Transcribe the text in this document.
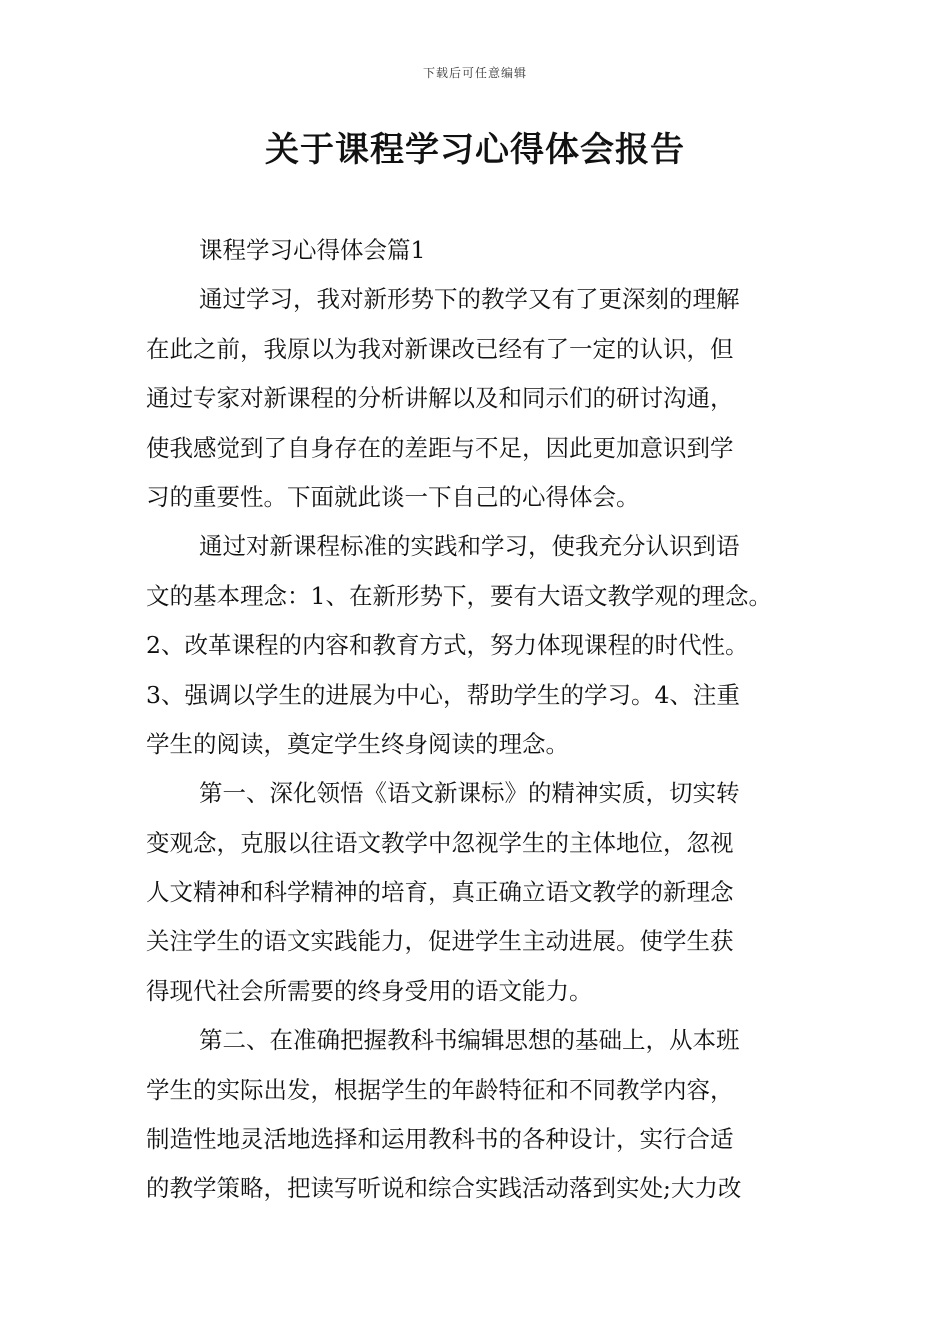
下载后可任意编辑
关于课程学习心得体会报告

课程学习心得体会篇1

通过学习，我对新形势下的教学又有了更深刻的理解
在此之前，我原以为我对新课改已经有了一定的认识，但
通过专家对新课程的分析讲解以及和同示们的研讨沟通，
使我感觉到了自身存在的差距与不足，因此更加意识到学
习的重要性。下面就此谈一下自己的心得体会。

通过对新课程标准的实践和学习，使我充分认识到语
文的基本理念：1、在新形势下，要有大语文教学观的理念。
2、改革课程的内容和教育方式，努力体现课程的时代性。
3、强调以学生的进展为中心，帮助学生的学习。4、注重
学生的阅读，奠定学生终身阅读的理念。

第一、深化领悟《语文新课标》的精神实质，切实转
变观念，克服以往语文教学中忽视学生的主体地位，忽视
人文精神和科学精神的培育，真正确立语文教学的新理念
关注学生的语文实践能力，促进学生主动进展。使学生获
得现代社会所需要的终身受用的语文能力。

第二、在准确把握教科书编辑思想的基础上，从本班
学生的实际出发，根据学生的年龄特征和不同教学内容，
制造性地灵活地选择和运用教科书的各种设计，实行合适
的教学策略，把读写听说和综合实践活动落到实处;大力改
